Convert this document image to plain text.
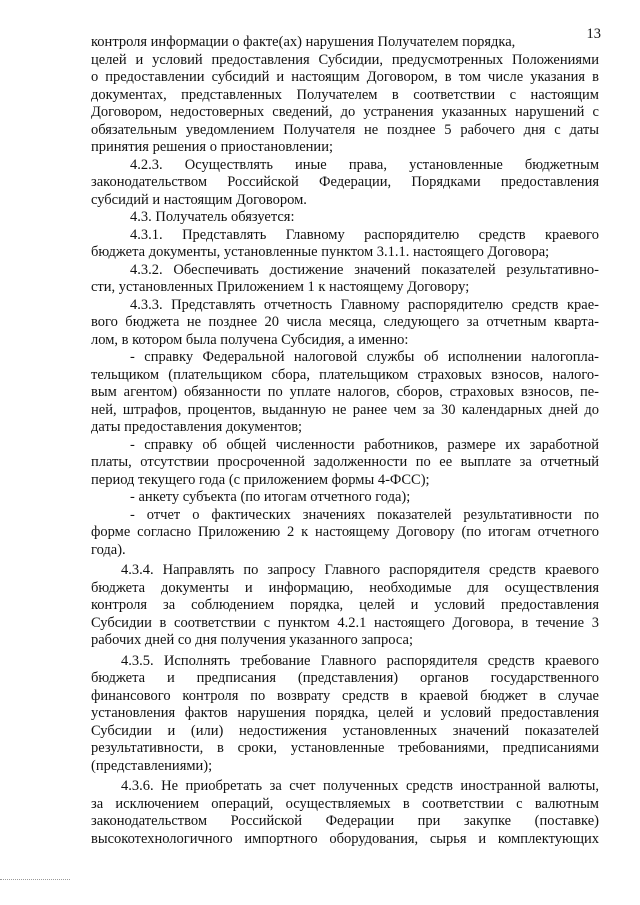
13
контроля информации о факте(ах) нарушения Получателем порядка,
целей и условий предоставления Субсидии, предусмотренных Положениями
о предоставлении субсидий и настоящим Договором, в том числе указания в
документах, представленных Получателем в соответствии с настоящим
Договором, недостоверных сведений, до устранения указанных нарушений с
обязательным уведомлением Получателя не позднее 5 рабочего дня с даты
принятия решения о приостановлении;
4.2.3. Осуществлять иные права, установленные бюджетным
законодательством Российской Федерации, Порядками предоставления
субсидий и настоящим Договором.
4.3. Получатель обязуется:
4.3.1. Представлять Главному распорядителю средств краевого
бюджета документы, установленные пунктом 3.1.1. настоящего Договора;
4.3.2. Обеспечивать достижение значений показателей результативно-
сти, установленных Приложением 1 к настоящему Договору;
4.3.3. Представлять отчетность Главному распорядителю средств крае-
вого бюджета не позднее 20 числа месяца, следующего за отчетным кварта-
лом, в котором была получена Субсидия, а именно:
- справку Федеральной налоговой службы об исполнении налогопла-
тельщиком (плательщиком сбора, плательщиком страховых взносов, налого-
вым агентом) обязанности по уплате налогов, сборов, страховых взносов, пе-
ней, штрафов, процентов, выданную не ранее чем за 30 календарных дней до
даты предоставления документов;
- справку об общей численности работников, размере их заработной
платы, отсутствии просроченной задолженности по ее выплате за отчетный
период текущего года (с приложением формы 4-ФСС);
- анкету субъекта (по итогам отчетного года);
- отчет о фактических значениях показателей результативности по
форме согласно Приложению 2 к настоящему Договору (по итогам отчетного
года).
4.3.4. Направлять по запросу Главного распорядителя средств краевого
бюджета документы и информацию, необходимые для осуществления
контроля за соблюдением порядка, целей и условий предоставления
Субсидии в соответствии с пунктом 4.2.1 настоящего Договора, в течение 3
рабочих дней со дня получения указанного запроса;
4.3.5. Исполнять требование Главного распорядителя средств краевого
бюджета и предписания (представления) органов государственного
финансового контроля по возврату средств в краевой бюджет в случае
установления фактов нарушения порядка, целей и условий предоставления
Субсидии и (или) недостижения установленных значений показателей
результативности, в сроки, установленные требованиями, предписаниями
(представлениями);
4.3.6. Не приобретать за счет полученных средств иностранной валюты,
за исключением операций, осуществляемых в соответствии с валютным
законодательством Российской Федерации при закупке (поставке)
высокотехнологичного импортного оборудования, сырья и комплектующих
